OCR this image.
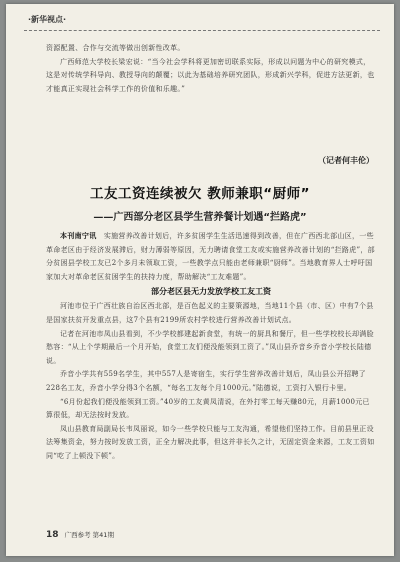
·新华视点·

资源配置、合作与交流等做出创新性改革。

广西师范大学校长梁宏说：“当今社会学科将更加密切联系实际，形成以问题为中心的研究模式，这是对传统学科导向、教授导向的颠覆；以此为基础培养研究团队，形成新兴学科，促进方法更新，也才能真正实现社会科学工作的价值和乐趣。”

（记者何丰伦）
工友工资连续被欠 教师兼职“厨师”
——广西部分老区县学生营养餐计划遇“拦路虎”

本刊南宁讯　 实施营养改善计划后，许多贫困学生生活迅速得到改善，但在广西西北部山区，一些革命老区由于经济发展滞后，财力薄弱等原因，无力聘请食堂工友或实施营养改善计划的“拦路虎”，部分贫困县学校工友已2个多月未领取工资，一些教学点只能由老师兼职“厨师”。当地教育界人士呼吁国家加大对革命老区贫困学生的扶持力度，帮助解决“工友难题”。

部分老区县无力发放学校工友工资

河池市位于广西壮族自治区西北部，是百色起义的主要策源地，当地11个县（市、区）中有7个县是国家扶贫开发重点县，这7个县有2199所农村学校进行营养改善计划试点。

记者在河池市凤山县看到，不少学校都建起新食堂，有统一的厨具和餐厅，但一些学校校长却满脸愁容：“从上个学期最后一个月开始，食堂工友们便没能领到工资了。”凤山县乔音乡乔音小学校长陆德说。

乔音小学共有559名学生，其中557人是寄宿生，实行学生营养改善计划后，凤山县公开招聘了228名工友，乔音小学分得3个名额，“每名工友每个月1000元。”陆德说，工资打入银行卡里。

“6月份起我们便没能领到工资。”40岁的工友黄凤清说，在外打零工每天赚80元，月薪1000元已算很低，却无法按时发放。

凤山县教育局副局长韦凤丽说，如今一些学校只能与工友沟通，希望他们坚持工作。目前县里正设法筹集资金，努力按时发放工资，正全力解决此事，但这并非长久之计，无固定资金来源，工友工资如同“吃了上顿没下顿”。

18 广西参考 第41期
